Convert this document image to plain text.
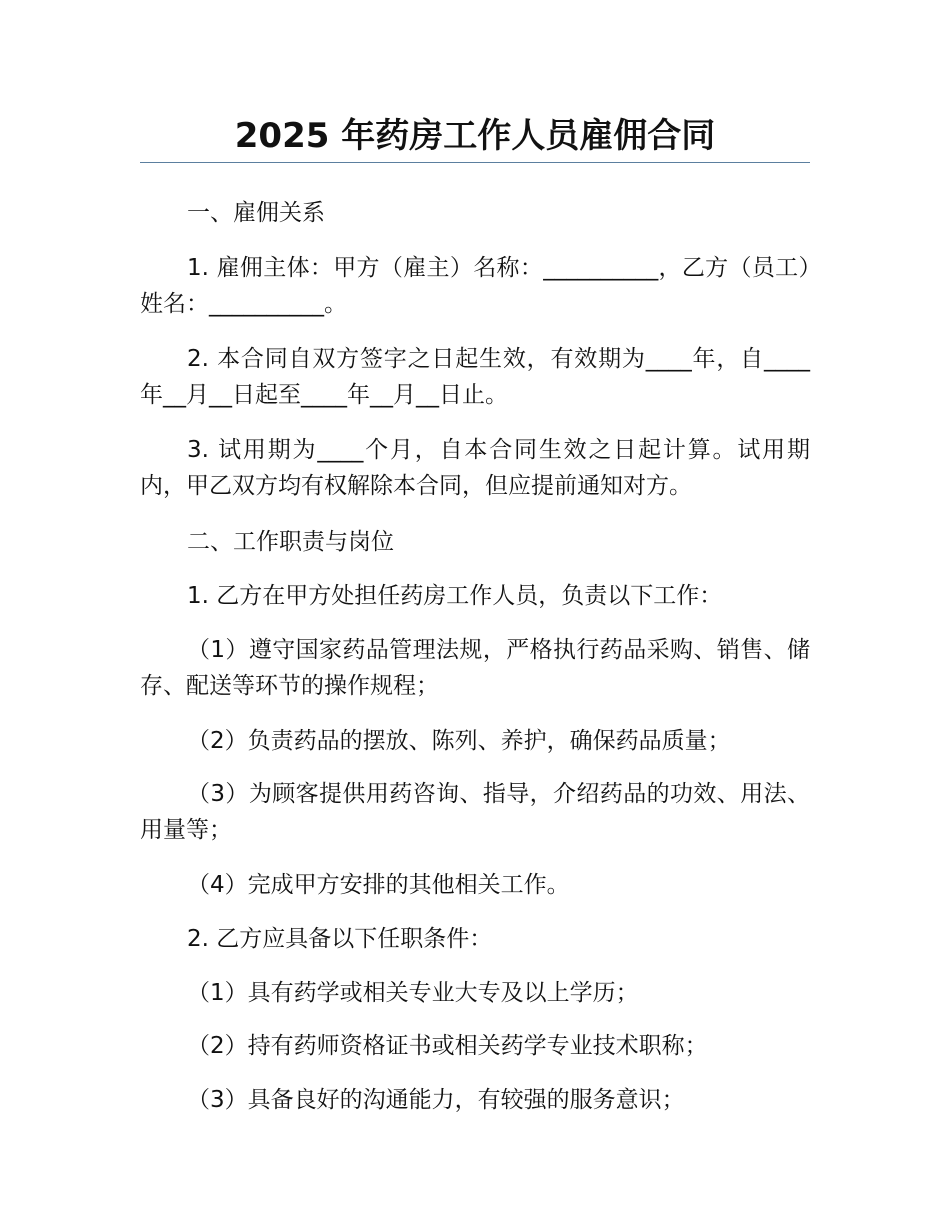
2025 年药房工作人员雇佣合同

一、雇佣关系

1. 雇佣主体：甲方（雇主）名称：__________，乙方（员工）姓名：__________。

2. 本合同自双方签字之日起生效，有效期为____年，自____年__月__日起至____年__月__日止。

3. 试用期为____个月，自本合同生效之日起计算。试用期内，甲乙双方均有权解除本合同，但应提前通知对方。

二、工作职责与岗位

1. 乙方在甲方处担任药房工作人员，负责以下工作：

（1）遵守国家药品管理法规，严格执行药品采购、销售、储存、配送等环节的操作规程；

（2）负责药品的摆放、陈列、养护，确保药品质量；

（3）为顾客提供用药咨询、指导，介绍药品的功效、用法、用量等；

（4）完成甲方安排的其他相关工作。

2. 乙方应具备以下任职条件：

（1）具有药学或相关专业大专及以上学历；

（2）持有药师资格证书或相关药学专业技术职称；

（3）具备良好的沟通能力，有较强的服务意识；
